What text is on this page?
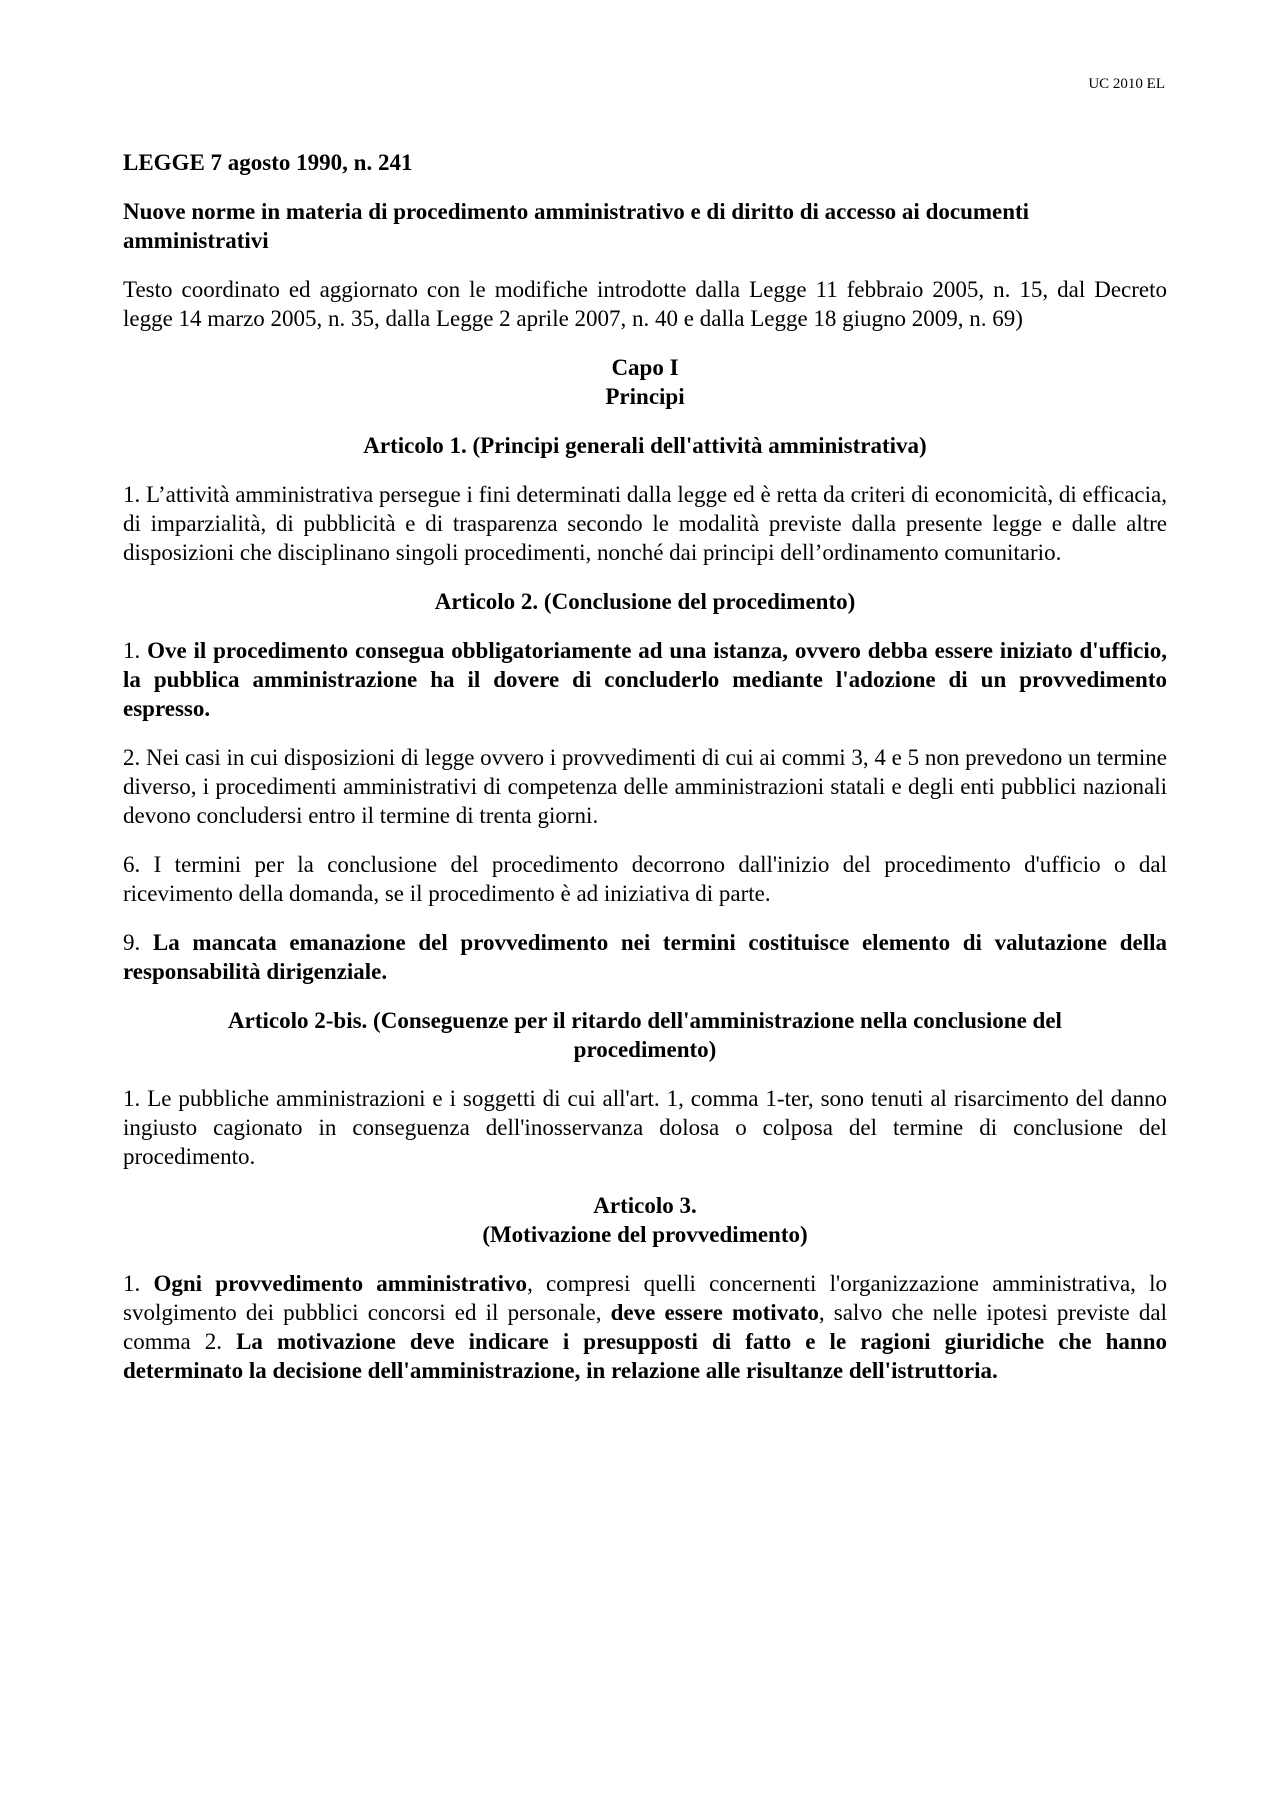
UC 2010 EL

LEGGE 7 agosto 1990, n. 241

Nuove norme in materia di procedimento amministrativo e di diritto di accesso ai documenti amministrativi

Testo coordinato ed aggiornato con le modifiche introdotte dalla Legge 11 febbraio 2005, n. 15, dal Decreto legge 14 marzo 2005, n. 35, dalla Legge 2 aprile 2007, n. 40 e dalla Legge 18 giugno 2009, n. 69)

Capo I
Principi

Articolo 1. (Principi generali dell'attività amministrativa)

1. L’attività amministrativa persegue i fini determinati dalla legge ed è retta da criteri di economicità, di efficacia, di imparzialità, di pubblicità e di trasparenza secondo le modalità previste dalla presente legge e dalle altre disposizioni che disciplinano singoli procedimenti, nonché dai principi dell’ordinamento comunitario.

Articolo 2. (Conclusione del procedimento)

1. Ove il procedimento consegua obbligatoriamente ad una istanza, ovvero debba essere iniziato d'ufficio, la pubblica amministrazione ha il dovere di concluderlo mediante l'adozione di un provvedimento espresso.

2. Nei casi in cui disposizioni di legge ovvero i provvedimenti di cui ai commi 3, 4 e 5 non prevedono un termine diverso, i procedimenti amministrativi di competenza delle amministrazioni statali e degli enti pubblici nazionali devono concludersi entro il termine di trenta giorni.

6. I termini per la conclusione del procedimento decorrono dall'inizio del procedimento d'ufficio o dal ricevimento della domanda, se il procedimento è ad iniziativa di parte.

9. La mancata emanazione del provvedimento nei termini costituisce elemento di valutazione della responsabilità dirigenziale.

Articolo 2-bis. (Conseguenze per il ritardo dell'amministrazione nella conclusione del
procedimento)

1. Le pubbliche amministrazioni e i soggetti di cui all'art. 1, comma 1-ter, sono tenuti al risarcimento del danno ingiusto cagionato in conseguenza dell'inosservanza dolosa o colposa del termine di conclusione del procedimento.

Articolo 3.
(Motivazione del provvedimento)

1. Ogni provvedimento amministrativo, compresi quelli concernenti l'organizzazione amministrativa, lo svolgimento dei pubblici concorsi ed il personale, deve essere motivato, salvo che nelle ipotesi previste dal comma 2. La motivazione deve indicare i presupposti di fatto e le ragioni giuridiche che hanno determinato la decisione dell'amministrazione, in relazione alle risultanze dell'istruttoria.
